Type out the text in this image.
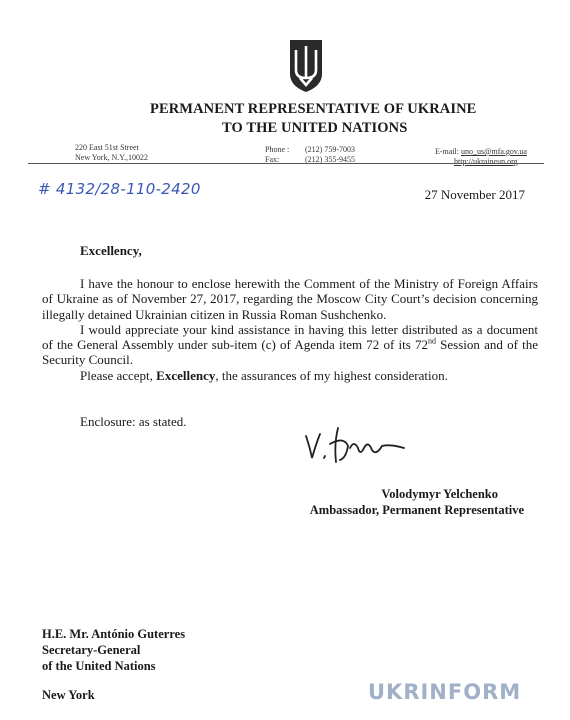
PERMANENT REPRESENTATIVE OF UKRAINE
TO THE UNITED NATIONS
220 East 51st Street
New York, N.Y.,10022
Phone : (212) 759-7003
Fax:	(212) 355-9455
E-mail: uno_us@mfa.gov.ua
http://ukraineun.org
# 4132/28-110-2420	27 November 2017
Excellency,

I have the honour to enclose herewith the Comment of the Ministry of Foreign Affairs of Ukraine as of November 27, 2017, regarding the Moscow City Court’s decision concerning illegally detained Ukrainian citizen in Russia Roman Sushchenko.

I would appreciate your kind assistance in having this letter distributed as a document of the General Assembly under sub-item (c) of Agenda item 72 of its 72nd Session and of the Security Council.

Please accept, Excellency, the assurances of my highest consideration.

Enclosure: as stated.
Volodymyr Yelchenko
Ambassador, Permanent Representative
H.E. Mr. António Guterres
Secretary-General
of the United Nations
New York	UKRINFORM
